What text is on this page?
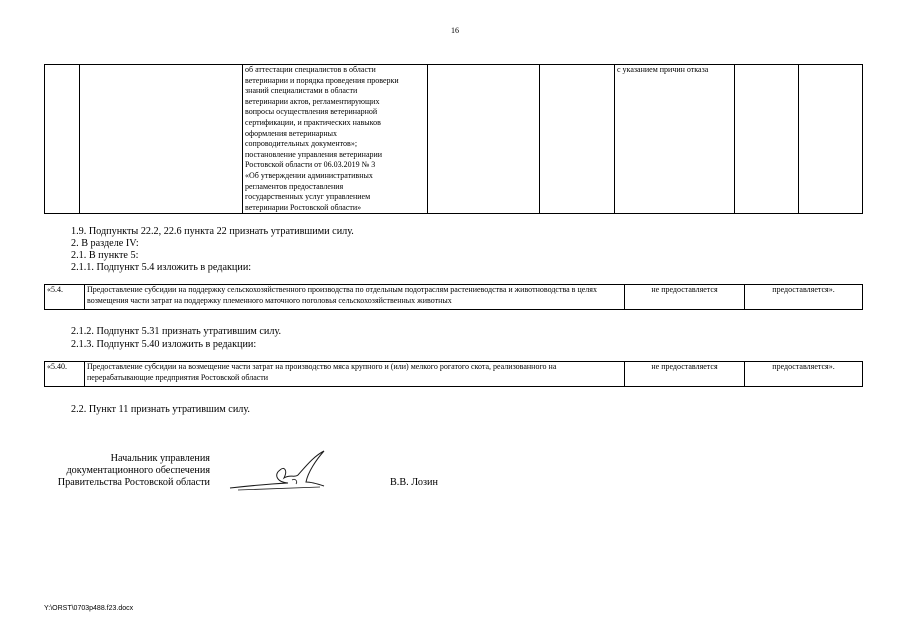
16
		об аттестации специалистов в области
ветеринарии и порядка проведения проверки
знаний специалистами в области
ветеринарии актов, регламентирующих
вопросы осуществления ветеринарной
сертификации, и практических навыков
оформления ветеринарных
сопроводительных документов»;
постановление управления ветеринарии
Ростовской области от 06.03.2019 № 3
«Об утверждении административных
регламентов предоставления
государственных услуг управлением
ветеринарии Ростовской области»			с указанием причин отказа		
1.9. Подпункты 22.2, 22.6 пункта 22 признать утратившими силу.
2. В разделе IV:
2.1. В пункте 5:
2.1.1. Подпункт 5.4 изложить в редакции:
«5.4.	Предоставление субсидии на поддержку сельскохозяйственного производства по отдельным подотраслям растениеводства и животноводства в целях возмещения части затрат на поддержку племенного маточного поголовья сельскохозяйственных животных	не предоставляется	предоставляется».
2.1.2. Подпункт 5.31 признать утратившим силу.
2.1.3. Подпункт 5.40 изложить в редакции:
«5.40.	Предоставление субсидии на возмещение части затрат на производство мяса крупного и (или) мелкого рогатого скота, реализованного на перерабатывающие предприятия Ростовской области	не предоставляется	предоставляется».
2.2. Пункт 11 признать утратившим силу.
Начальник управления
документационного обеспечения
Правительства Ростовской области	В.В. Лозин
Y:\ORST\0703p488.f23.docx
